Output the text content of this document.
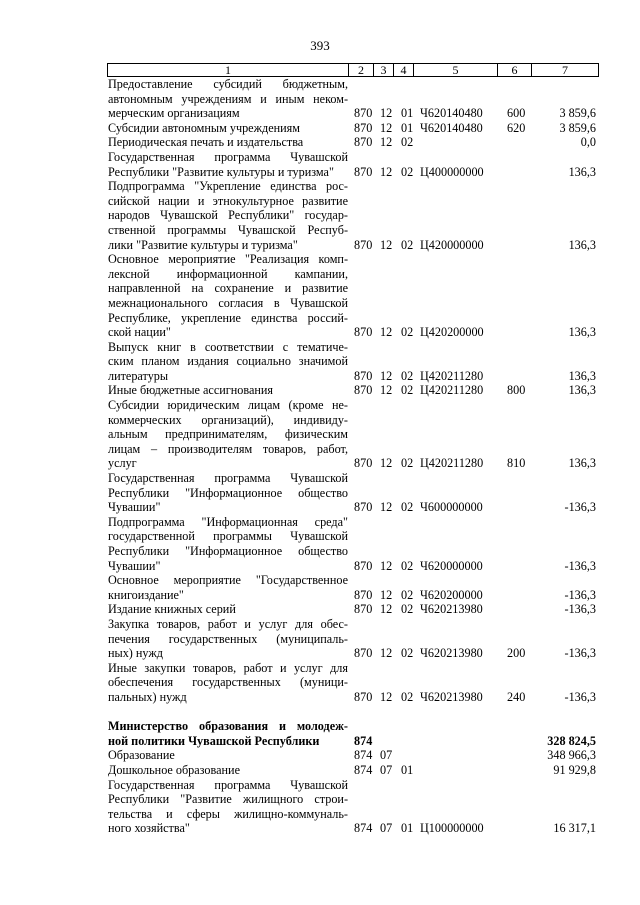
393
1	2	3	4	5	6	7
Предоставление субсидий бюджетным,
автономным учреждениям и иным неком-
мерческим организациям	870 12 01 Ч620140480 600	3 859,6
Субсидии автономным учреждениям	870 12 01 Ч620140480 620	3 859,6
Периодическая печать и издательства	870 12 02	0,0
Государственная программа Чувашской
Республики "Развитие культуры и туризма"	870 12 02 Ц400000000	136,3
Подпрограмма "Укрепление единства рос-
сийской нации и этнокультурное развитие
народов Чувашской Республики" государ-
ственной программы Чувашской Респуб-
лики "Развитие культуры и туризма"	870 12 02 Ц420000000	136,3
Основное мероприятие "Реализация комп-
лексной информационной кампании,
направленной на сохранение и развитие
межнационального согласия в Чувашской
Республике, укрепление единства россий-
ской нации"	870 12 02 Ц420200000	136,3
Выпуск книг в соответствии с тематиче-
ским планом издания социально значимой
литературы	870 12 02 Ц420211280	136,3
Иные бюджетные ассигнования	870 12 02 Ц420211280 800	136,3
Субсидии юридическим лицам (кроме не-
коммерческих организаций), индивиду-
альным предпринимателям, физическим
лицам – производителям товаров, работ,
услуг	870 12 02 Ц420211280 810	136,3
Государственная программа Чувашской
Республики "Информационное общество
Чувашии"	870 12 02 Ч600000000	-136,3
Подпрограмма "Информационная среда"
государственной программы Чувашской
Республики "Информационное общество
Чувашии"	870 12 02 Ч620000000	-136,3
Основное мероприятие "Государственное
книгоиздание"	870 12 02 Ч620200000	-136,3
Издание книжных серий	870 12 02 Ч620213980	-136,3
Закупка товаров, работ и услуг для обес-
печения государственных (муниципаль-
ных) нужд	870 12 02 Ч620213980 200	-136,3
Иные закупки товаров, работ и услуг для
обеспечения государственных (муници-
пальных) нужд	870 12 02 Ч620213980 240	-136,3
Министерство образования и молодеж-
ной политики Чувашской Республики	874	328 824,5
Образование	874 07	348 966,3
Дошкольное образование	874 07 01	91 929,8
Государственная программа Чувашской
Республики "Развитие жилищного строи-
тельства и сферы жилищно-коммуналь-
ного хозяйства"	874 07 01 Ц100000000	16 317,1
